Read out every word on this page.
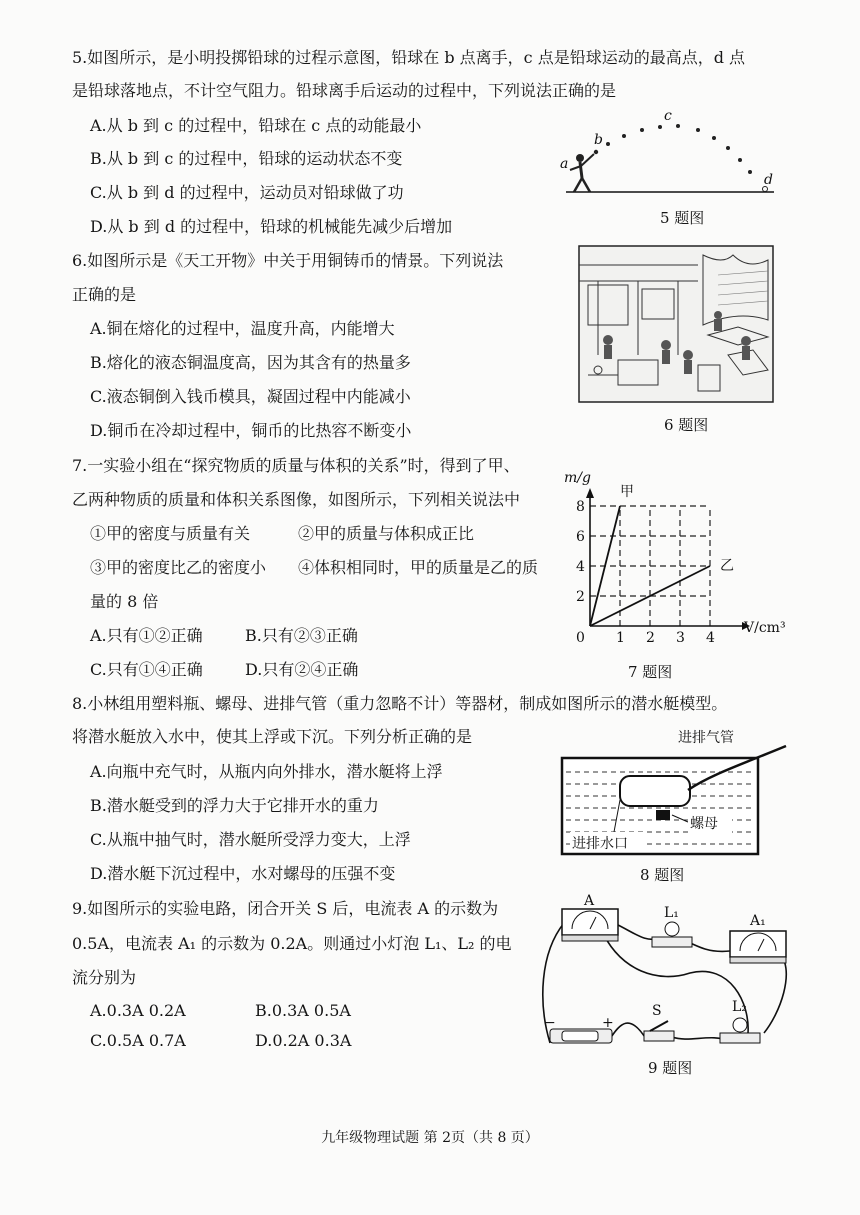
5.如图所示，是小明投掷铅球的过程示意图，铅球在 b 点离手，c 点是铅球运动的最高点，d 点
是铅球落地点，不计空气阻力。铅球离手后运动的过程中，下列说法正确的是
A.从 b 到 c 的过程中，铅球在 c 点的动能最小
B.从 b 到 c 的过程中，铅球的运动状态不变
C.从 b 到 d 的过程中，运动员对铅球做了功
D.从 b 到 d 的过程中，铅球的机械能先减少后增加
a
b
c
d
5 题图
6.如图所示是《天工开物》中关于用铜铸币的情景。下列说法
正确的是
A.铜在熔化的过程中，温度升高，内能增大
B.熔化的液态铜温度高，因为其含有的热量多
C.液态铜倒入钱币模具，凝固过程中内能减小
D.铜币在冷却过程中，铜币的比热容不断变小	6 题图
7.一实验小组在“探究物质的质量与体积的关系”时，得到了甲、
乙两种物质的质量和体积关系图像，如图所示，下列相关说法中
①甲的密度与质量有关	②甲的质量与体积成正比
③甲的密度比乙的密度小 ④体积相同时，甲的质量是乙的质
量的 8 倍
A.只有①②正确	B.只有②③正确
C.只有①④正确	D.只有②④正确
甲
乙
0 1 2 3 4
2
4
6
8
m/g
V/cm³
7 题图
8.小林组用塑料瓶、螺母、进排气管（重力忽略不计）等器材，制成如图所示的潜水艇模型。
将潜水艇放入水中，使其上浮或下沉。下列分析正确的是
A.向瓶中充气时，从瓶内向外排水，潜水艇将上浮
B.潜水艇受到的浮力大于它排开水的重力
C.从瓶中抽气时，潜水艇所受浮力变大，上浮
D.潜水艇下沉过程中，水对螺母的压强不变
进排气管
螺母
进排水口
8 题图
9.如图所示的实验电路，闭合开关 S 后，电流表 A 的示数为
0.5A，电流表 A₁ 的示数为 0.2A。则通过小灯泡 L₁、L₂ 的电
流分别为
A.0.3A 0.2A	B.0.3A 0.5A
C.0.5A 0.7A	D.0.2A 0.3A
A
L₁	A₁
L₂
S
−	+
9 题图
九年级物理试题 第 2页（共 8 页）
